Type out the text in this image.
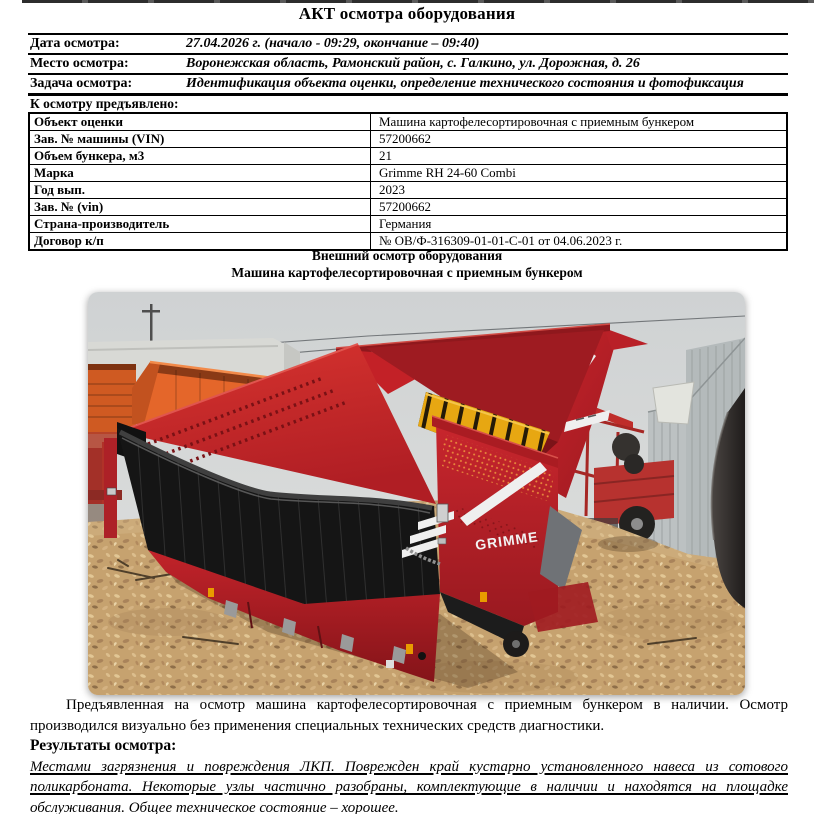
АКТ осмотра оборудования
Дата осмотра:	27.04.2026 г. (начало - 09:29, окончание – 09:40)
Место осмотра:	Воронежская область, Рамонский район, с. Галкино, ул. Дорожная, д. 26
Задача осмотра:	Идентификация объекта оценки, определение технического состояния и фотофиксация
К осмотру предъявлено:
Объект оценки	Машина картофелесортировочная с приемным бункером
Зав. № машины (VIN)	57200662
Объем бункера, м3	21
Марка	Grimme RH 24-60 Combi
Год вып.	2023
Зав. № (vin)	57200662
Страна-производитель	Германия
Договор к/п	№ ОВ/Ф-316309-01-01-С-01 от 04.06.2023 г.
Внешний осмотр оборудования
Машина картофелесортировочная с приемным бункером
GRIMME

Предъявленная на осмотр машина картофелесортировочная с приемным бункером в наличии. Осмотр производился визуально без применения специальных технических средств диагностики.

Результаты осмотра:

Местами загрязнения и повреждения ЛКП. Поврежден край кустарно установленного навеса из сотового поликарбоната. Некоторые узлы частично разобраны, комплектующие в наличии и находятся на площадке обслуживания. Общее техническое состояние – хорошее.
